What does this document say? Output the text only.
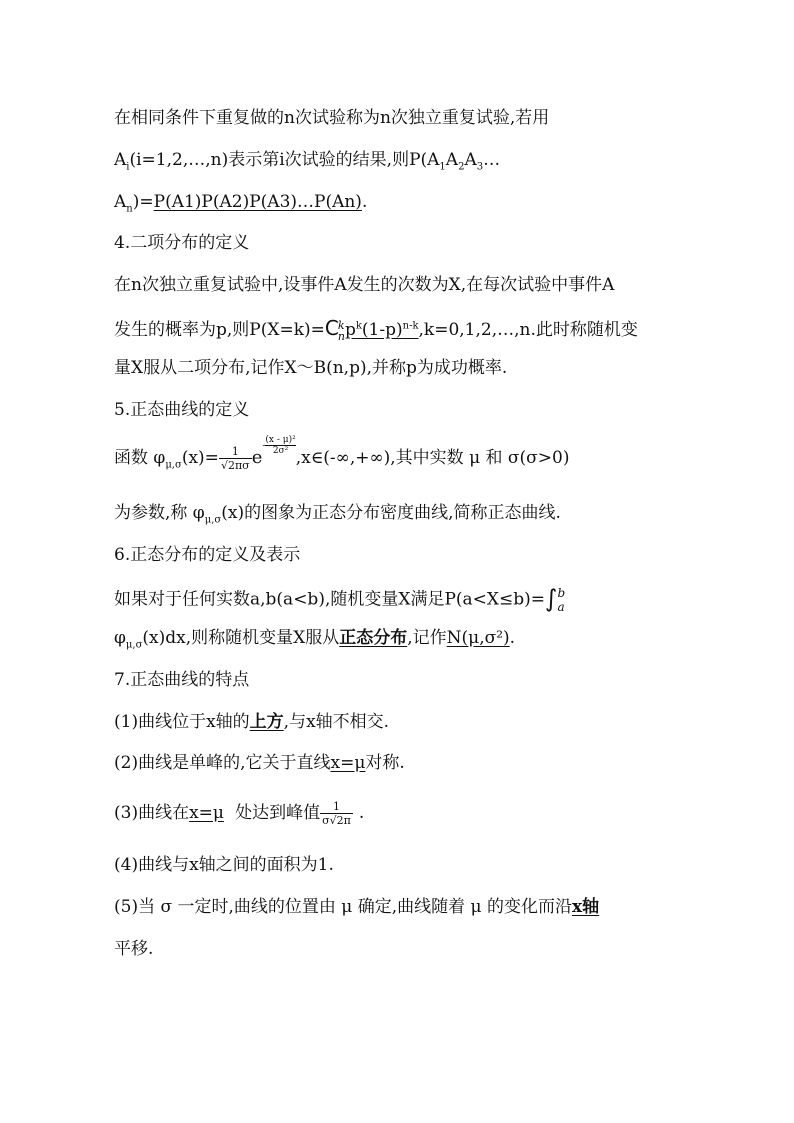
在相同条件下重复做的n次试验称为n次独立重复试验,若用
$A_i(i=1,2,\dots,n)$表示第i次试验的结果,则$P(A_1A_2A_3\dots$
$A_n)=P(A1)P(A2)P(A3)\dots P(An)$.
4.二项分布的定义
在n次独立重复试验中,设事件A发生的次数为X,在每次试验中事件A
发生的概率为p,则P(X=k)=C k
n $p^k(1-p)^{n-k},k=0,1,2,\dots,n$.此时称随机变
量X服从二项分布,记作X～B(n,p),并称p为成功概率.
5.正态曲线的定义
函数 $\varphi_{\mu,\sigma}(x)= \frac{1}{√2\pi\sigma} e- \frac{\text{(x - μ)²}}{\text{2σ²}}$
,x∈(-∞,+∞),其中实数 μ 和 σ(σ>0)
为参数,称 $\varphi_{\mu,\sigma}(x)$的图象为正态分布密度曲线,简称正态曲线.
6.正态分布的定义及表示
如果对于任何实数a,b(a<b),随机变量X满足P(a<X≤b)=∫ b
a
$\varphi_{\mu,\sigma}(x)dx$,则称随机变量X服从正态分布,记作N(μ,σ²).
7.正态曲线的特点
(1)曲线位于x轴的上方,与x轴不相交.
(2)曲线是单峰的,它关于直线x=μ对称.
(3)曲线在x=μ 处达到峰值 $\frac{1}{\sigma√2\pi}$ .
(4)曲线与x轴之间的面积为1.
(5)当 σ 一定时,曲线的位置由 μ 确定,曲线随着 μ 的变化而沿x轴
平移.
